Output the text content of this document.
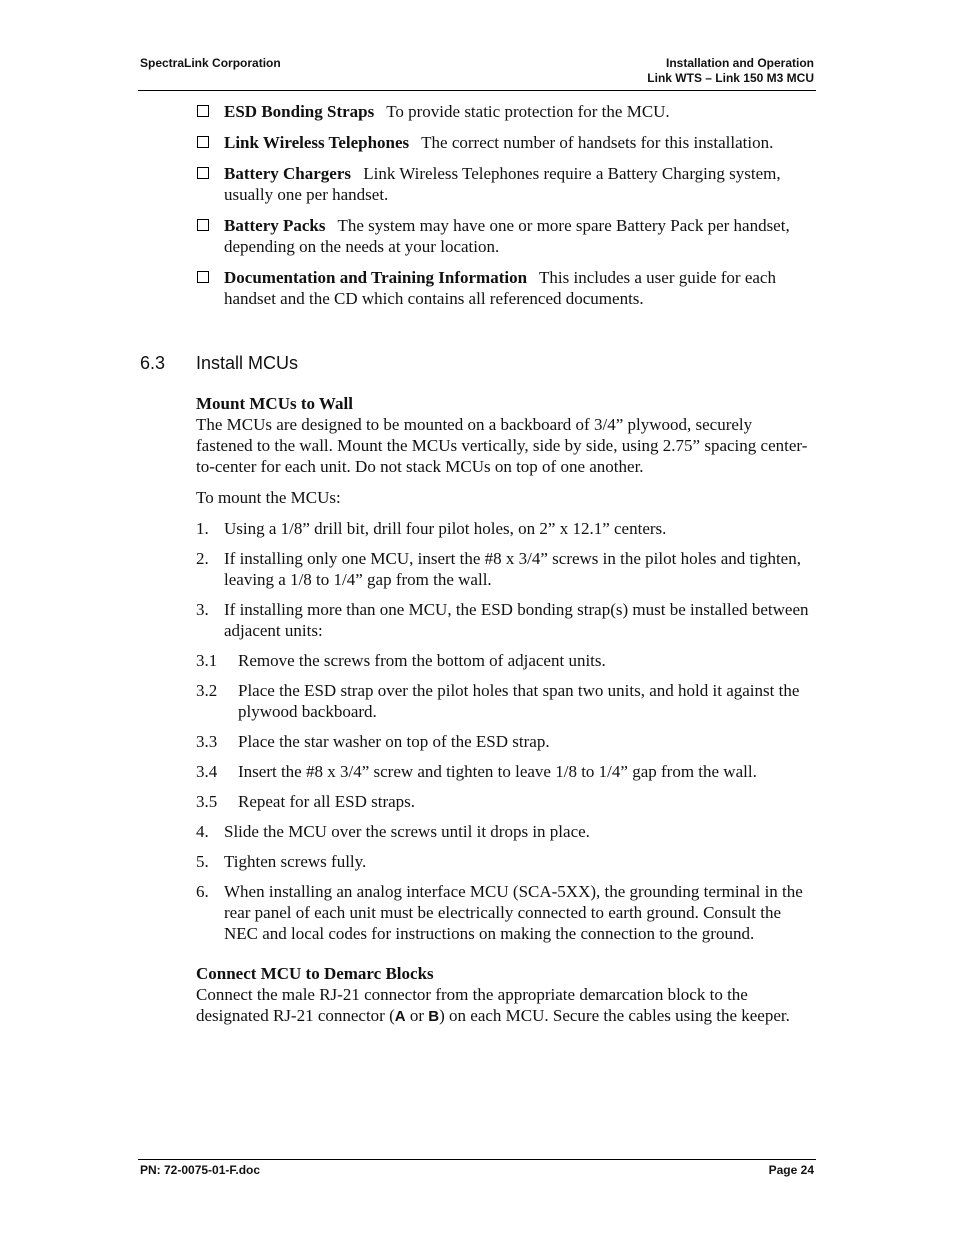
SpectraLink Corporation	Installation and Operation
Link WTS – Link 150 M3 MCU
ESD Bonding Straps To provide static protection for the MCU.
Link Wireless Telephones The correct number of handsets for this installation.
Battery Chargers Link Wireless Telephones require a Battery Charging system, usually one per handset.
Battery Packs The system may have one or more spare Battery Pack per handset, depending on the needs at your location.
Documentation and Training Information This includes a user guide for each handset and the CD which contains all referenced documents.
6.3 Install MCUs
Mount MCUs to Wall
The MCUs are designed to be mounted on a backboard of 3/4” plywood, securely fastened to the wall. Mount the MCUs vertically, side by side, using 2.75” spacing center-to-center for each unit. Do not stack MCUs on top of one another.
To mount the MCUs:
1. Using a 1/8” drill bit, drill four pilot holes, on 2” x 12.1” centers.
2. If installing only one MCU, insert the #8 x 3/4” screws in the pilot holes and tighten, leaving a 1/8 to 1/4” gap from the wall.
3. If installing more than one MCU, the ESD bonding strap(s) must be installed between adjacent units:
3.1 Remove the screws from the bottom of adjacent units.
3.2 Place the ESD strap over the pilot holes that span two units, and hold it against the plywood backboard.
3.3 Place the star washer on top of the ESD strap.
3.4 Insert the #8 x 3/4” screw and tighten to leave 1/8 to 1/4” gap from the wall.
3.5 Repeat for all ESD straps.
4. Slide the MCU over the screws until it drops in place.
5. Tighten screws fully.
6. When installing an analog interface MCU (SCA-5XX), the grounding terminal in the rear panel of each unit must be electrically connected to earth ground. Consult the NEC and local codes for instructions on making the connection to the ground.
Connect MCU to Demarc Blocks
Connect the male RJ-21 connector from the appropriate demarcation block to the designated RJ-21 connector (A or B) on each MCU. Secure the cables using the keeper.
PN: 72-0075-01-F.doc	Page 24
